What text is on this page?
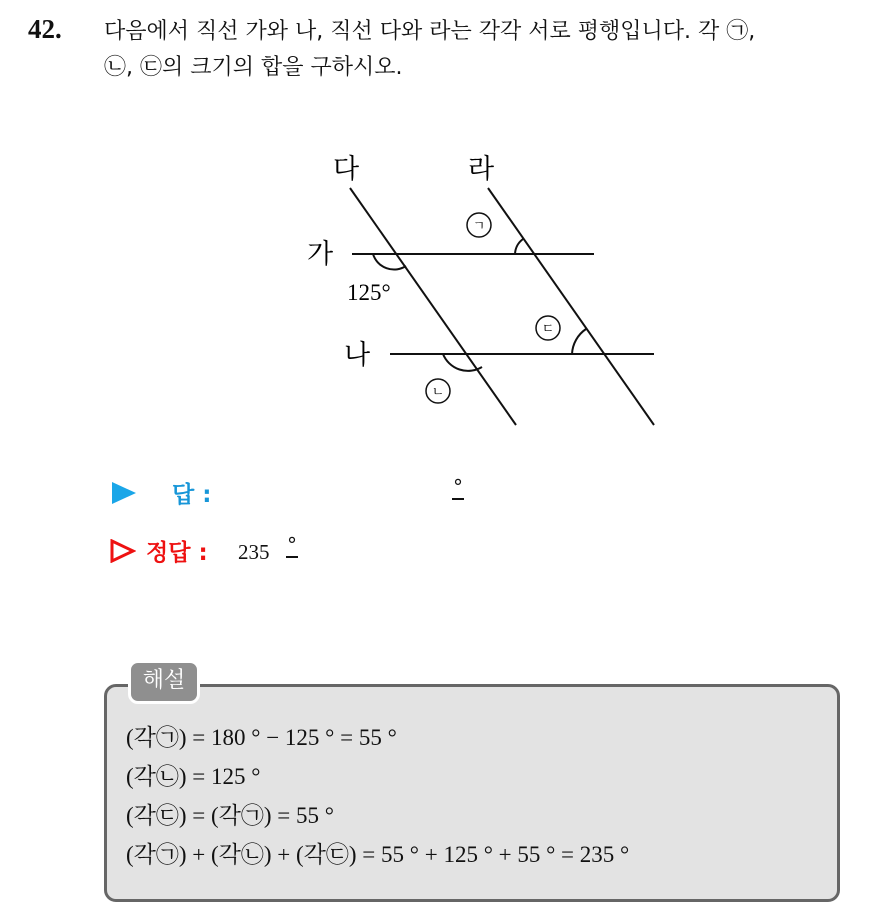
42. 다음에서 직선 가와 나, 직선 다와 라는 각각 서로 평행입니다. 각 ㉠,
㉡, ㉢의 크기의 합을 구하시오.
다	라
가
나
125°
ㄱ
ㄴ
ㄷ
답 :	°
정답 : 235 °
해설
(각㉠) = 180 ° − 125 ° = 55 °
(각㉡) = 125 °
(각㉢) = (각㉠) = 55 °
(각㉠) + (각㉡) + (각㉢) = 55 ° + 125 ° + 55 ° = 235 °
